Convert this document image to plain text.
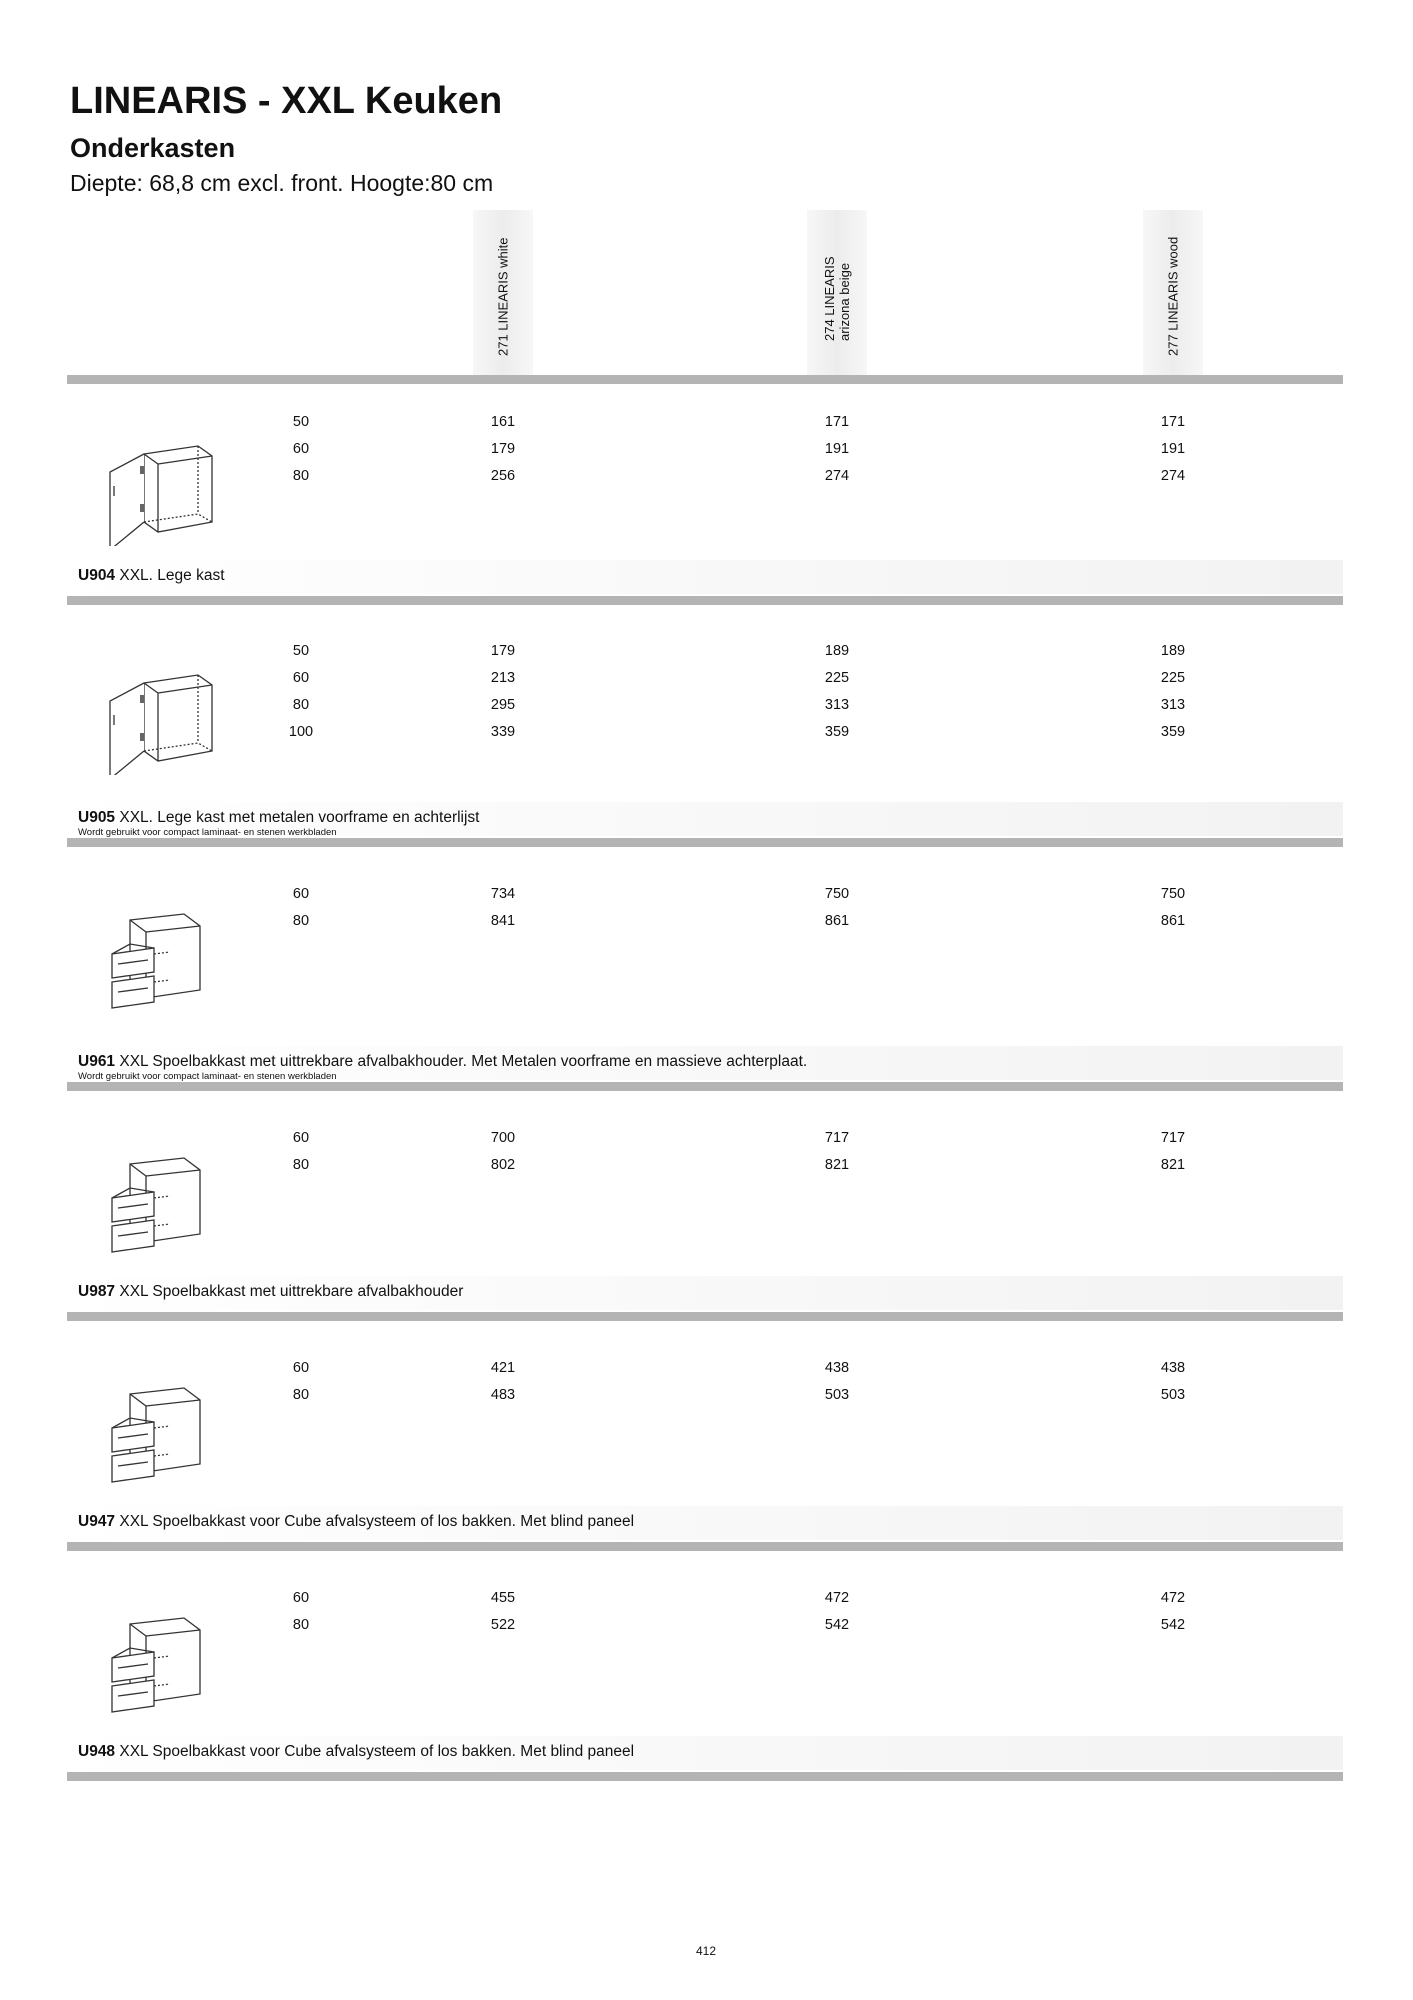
LINEARIS - XXL Keuken
Onderkasten

Diepte: 68,8 cm excl. front. Hoogte:80 cm

271 LINEARIS white	274 LINEARIS arizona beige	277 LINEARIS wood
50	161	171	171
60	179	191	191
80	256	274	274
U904 XXL. Lege kast
50	179	189	189
60	213	225	225
80	295	313	313
100	339	359	359
U905 XXL. Lege kast met metalen voorframe en achterlijst
Wordt gebruikt voor compact laminaat- en stenen werkbladen
60	734	750	750
80	841	861	861
U961 XXL Spoelbakkast met uittrekbare afvalbakhouder. Met Metalen voorframe en massieve achterplaat.
Wordt gebruikt voor compact laminaat- en stenen werkbladen
60	700	717	717
80	802	821	821
U987 XXL Spoelbakkast met uittrekbare afvalbakhouder
60	421	438	438
80	483	503	503
U947 XXL Spoelbakkast voor Cube afvalsysteem of los bakken. Met blind paneel
60	455	472	472
80	522	542	542
U948 XXL Spoelbakkast voor Cube afvalsysteem of los bakken. Met blind paneel
412
